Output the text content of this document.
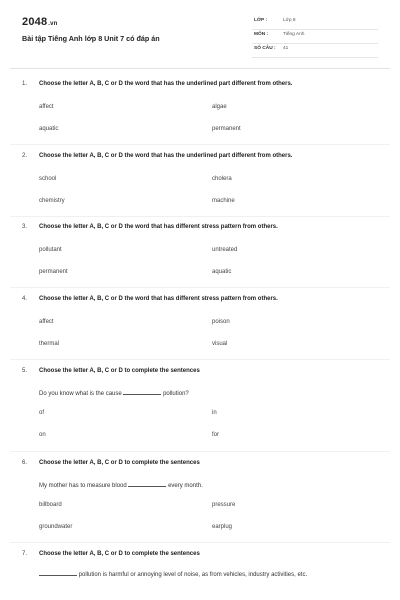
2048.vn
Bài tập Tiếng Anh lớp 8 Unit 7 có đáp án
LỚP :	Lớp 8
MÔN :	Tiếng Anh
SỐ CÂU : 41
1. Choose the letter A, B, C or D the word that has the underlined part different from others.
affect	algae
aquatic	permanent
2. Choose the letter A, B, C or D the word that has the underlined part different from others.
school	cholera
chemistry	machine
3. Choose the letter A, B, C or D the word that has different stress pattern from others.
pollutant	untreated
permanent	aquatic
4. Choose the letter A, B, C or D the word that has different stress pattern from others.
affect	poison
thermal	visual
5. Choose the letter A, B, C or D to complete the sentences
Do you know what is the cause	pollution?
of	in
on	for
6. Choose the letter A, B, C or D to complete the sentences
My mother has to measure blood	every month.
billboard	pressure
groundwater	earplug
7. Choose the letter A, B, C or D to complete the sentences
pollution is harmful or annoying level of noise, as from vehicles, industry activities, etc.
